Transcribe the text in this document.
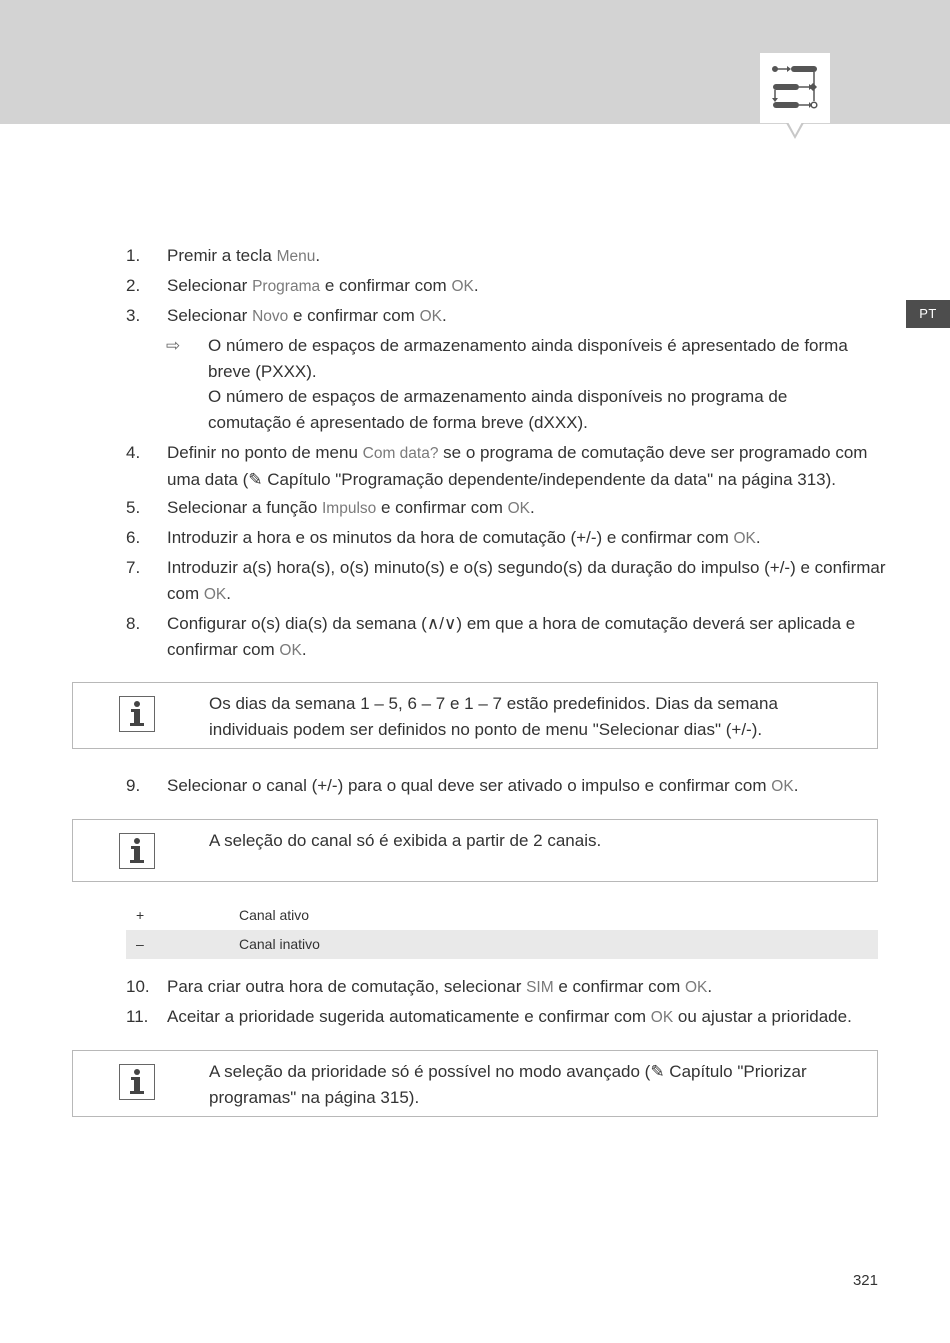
PT
1.	Premir a tecla Menu.
2.	Selecionar Programa e confirmar com OK.
3.	Selecionar Novo e confirmar com OK.
⇨	O número de espaços de armazenamento ainda disponíveis é apresentado de forma breve (PXXX).
O número de espaços de armazenamento ainda disponíveis no programa de comutação é apresentado de forma breve (dXXX).
4.	Definir no ponto de menu Com data? se o programa de comutação deve ser programado com uma data (✎ Capítulo "Programação dependente/independente da data" na página 313).
5.	Selecionar a função Impulso e confirmar com OK.
6.	Introduzir a hora e os minutos da hora de comutação (+/-) e confirmar com OK.
7.	Introduzir a(s) hora(s), o(s) minuto(s) e o(s) segundo(s) da duração do impulso (+/-) e confirmar com OK.
8.	Configurar o(s) dia(s) da semana (∧/∨) em que a hora de comutação deverá ser aplicada e confirmar com OK.
Os dias da semana 1 – 5, 6 – 7 e 1 – 7 estão predefinidos. Dias da semana individuais podem ser definidos no ponto de menu "Selecionar dias" (+/-).
9.	Selecionar o canal (+/-) para o qual deve ser ativado o impulso e confirmar com OK.
A seleção do canal só é exibida a partir de 2 canais.
+	Canal ativo
–	Canal inativo
10.	Para criar outra hora de comutação, selecionar SIM e confirmar com OK.
11.	Aceitar a prioridade sugerida automaticamente e confirmar com OK ou ajustar a prioridade.
A seleção da prioridade só é possível no modo avançado (✎ Capítulo "Priorizar programas" na página 315).
321
